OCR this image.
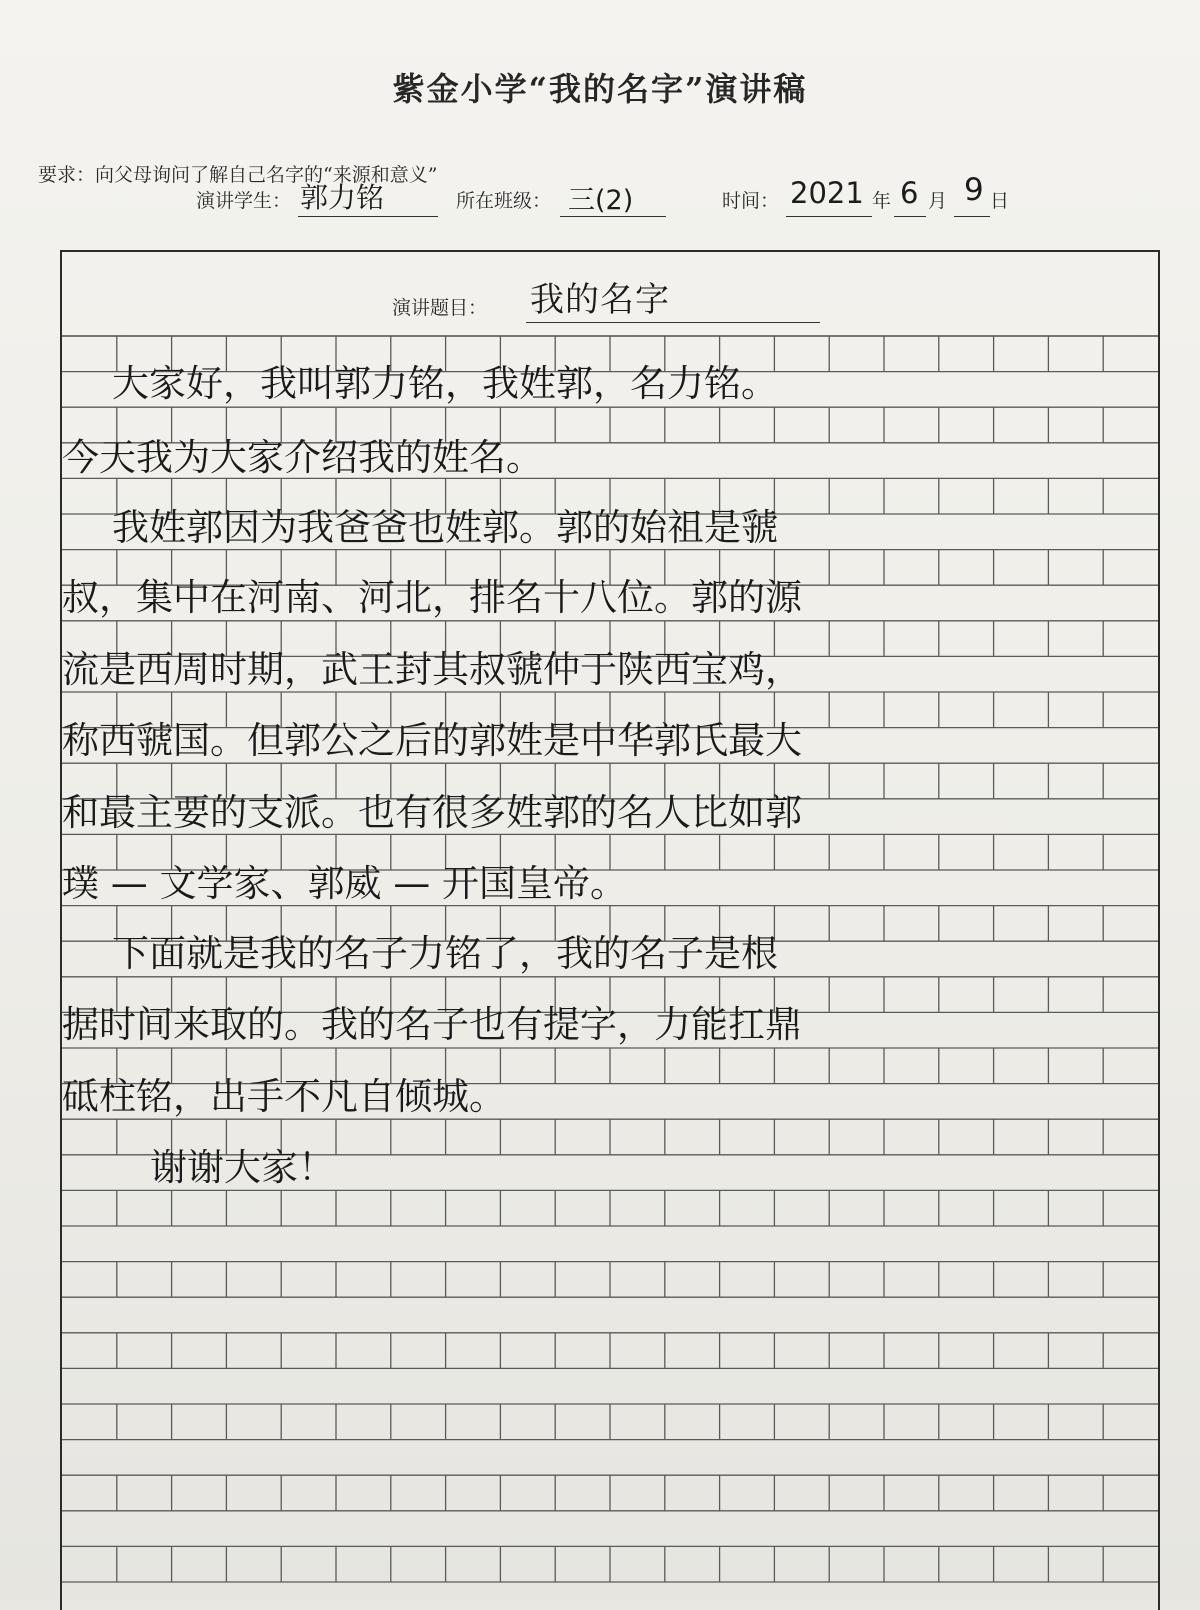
紫金小学“我的名字”演讲稿
要求：向父母询问了解自己名字的“来源和意义”
演讲学生： 郭力铭	所在班级： 三(2)	时间： 2021 年 6 月 9 日
演讲题目： 我的名字
大家好，我叫郭力铭，我姓郭，名力铭。
今天我为大家介绍我的姓名。
我姓郭因为我爸爸也姓郭。郭的始祖是虢
叔，集中在河南、河北，排名十八位。郭的源
流是西周时期，武王封其叔虢仲于陕西宝鸡，
称西虢国。但郭公之后的郭姓是中华郭氏最大
和最主要的支派。也有很多姓郭的名人比如郭
璞 — 文学家、郭威 — 开国皇帝。
下面就是我的名子力铭了，我的名子是根
据时间来取的。我的名子也有提字，力能扛鼎
砥柱铭，出手不凡自倾城。
谢谢大家！
